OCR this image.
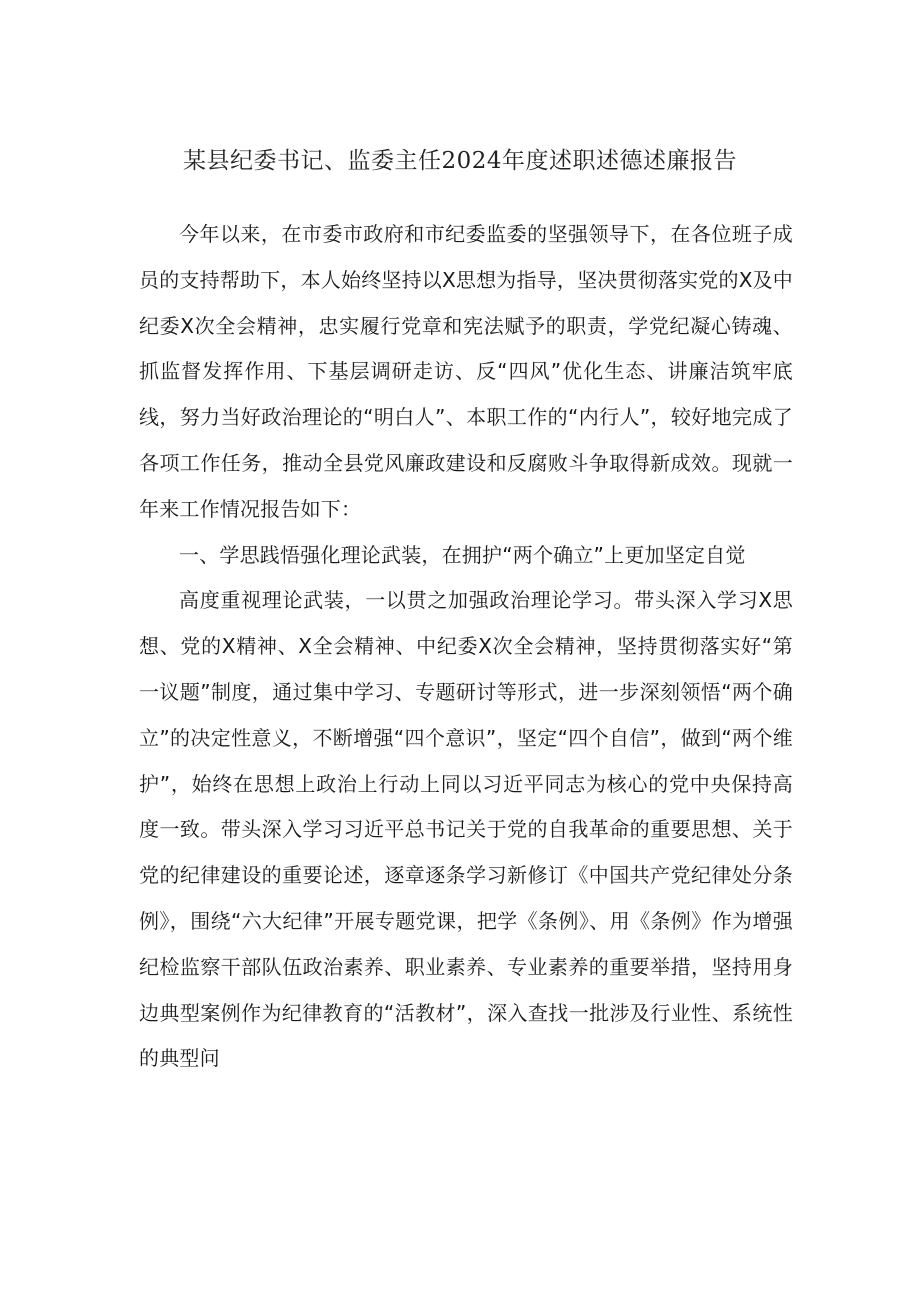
某县纪委书记、监委主任2024年度述职述德述廉报告

今年以来，在市委市政府和市纪委监委的坚强领导下，在各位班子成员的支持帮助下，本人始终坚持以X思想为指导，坚决贯彻落实党的X及中纪委X次全会精神，忠实履行党章和宪法赋予的职责，学党纪凝心铸魂、抓监督发挥作用、下基层调研走访、反“四风”优化生态、讲廉洁筑牢底线，努力当好政治理论的“明白人”、本职工作的“内行人”，较好地完成了各项工作任务，推动全县党风廉政建设和反腐败斗争取得新成效。现就一年来工作情况报告如下：

一、学思践悟强化理论武装，在拥护“两个确立”上更加坚定自觉

高度重视理论武装，一以贯之加强政治理论学习。带头深入学习X思想、党的X精神、X全会精神、中纪委X次全会精神，坚持贯彻落实好“第一议题”制度，通过集中学习、专题研讨等形式，进一步深刻领悟“两个确立”的决定性意义，不断增强“四个意识”，坚定“四个自信”，做到“两个维护”，始终在思想上政治上行动上同以习近平同志为核心的党中央保持高度一致。带头深入学习习近平总书记关于党的自我革命的重要思想、关于党的纪律建设的重要论述，逐章逐条学习新修订《中国共产党纪律处分条例》，围绕“六大纪律”开展专题党课，把学《条例》、用《条例》作为增强纪检监察干部队伍政治素养、职业素养、专业素养的重要举措，坚持用身边典型案例作为纪律教育的“活教材”，深入查找一批涉及行业性、系统性的典型问
